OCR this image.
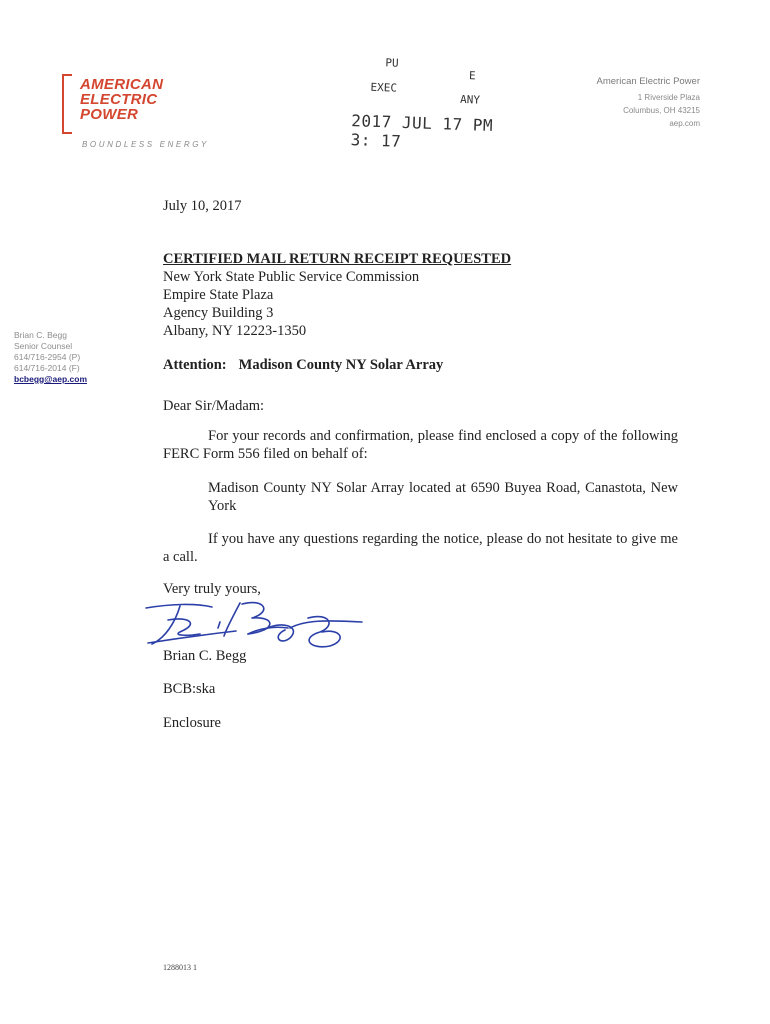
AMERICAN
ELECTRIC
POWER
BOUNDLESS ENERGY
PU
E
EXEC
ANY
2017 JUL 17 PM 3: 17
American Electric Power
1 Riverside Plaza
Columbus, OH 43215
aep.com
Brian C. Begg
Senior Counsel
614/716-2954 (P)
614/716-2014 (F)
bcbegg@aep.com
July 10, 2017
CERTIFIED MAIL RETURN RECEIPT REQUESTED
New York State Public Service Commission
Empire State Plaza
Agency Building 3
Albany, NY 12223-1350
Attention: Madison County NY Solar Array
Dear Sir/Madam:
For your records and confirmation, please find enclosed a copy of the following FERC Form 556 filed on behalf of:
Madison County NY Solar Array located at 6590 Buyea Road, Canastota, New York
If you have any questions regarding the notice, please do not hesitate to give me a call.
Very truly yours,
Brian C. Begg
BCB:ska
Enclosure
1288013 1
